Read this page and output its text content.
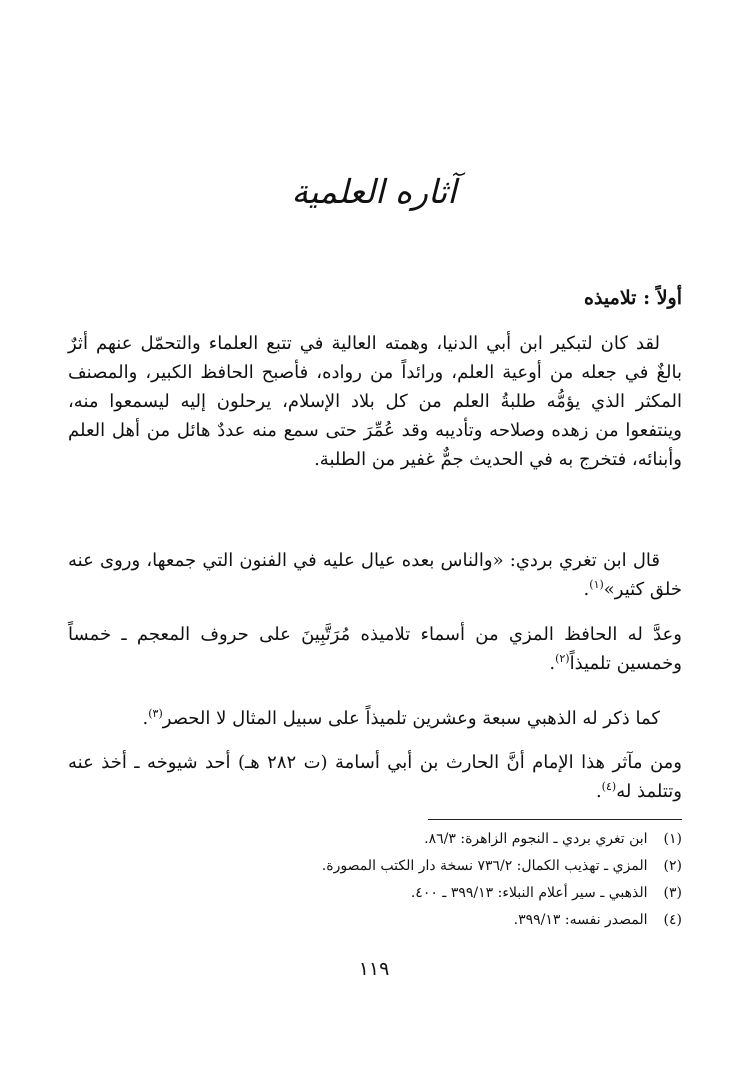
آثاره العلمية
أولاً : تلاميذه

لقد كان لتبكير ابن أبي الدنيا، وهمته العالية في تتبع العلماء والتحمّل عنهم أثرٌ بالغٌ في جعله من أوعية العلم، ورائداً من رواده، فأصبح الحافظ الكبير، والمصنف المكثر الذي يؤمُّه طلبةُ العلم من كل بلاد الإسلام، يرحلون إليه ليسمعوا منه، وينتفعوا من زهده وصلاحه وتأديبه وقد عُمِّرَ حتى سمع منه عددٌ هائل من أهل العلم وأبنائه، فتخرج به في الحديث جمٌّ غفير من الطلبة.

قال ابن تغري بردي: «والناس بعده عيال عليه في الفنون التي جمعها، وروى عنه خلق كثير»$^{(١)}$.

وعدَّ له الحافظ المزي من أسماء تلاميذه مُرَتَّبِينَ على حروف المعجم ـ خمساً وخمسين تلميذاً$^{(٢)}$.

كما ذكر له الذهبي سبعة وعشرين تلميذاً على سبيل المثال لا الحصر$^{(٣)}$.

ومن مآثر هذا الإمام أنَّ الحارث بن أبي أسامة (ت ٢٨٢ هـ) أحد شيوخه ـ أخذ عنه وتتلمذ له$^{(٤)}$.

(١) ابن تغري بردي ـ النجوم الزاهرة: ٨٦/٣.
(٢) المزي ـ تهذيب الكمال: ٧٣٦/٢ نسخة دار الكتب المصورة.
(٣) الذهبي ـ سير أعلام النبلاء: ٣٩٩/١٣ ـ ٤٠٠.
(٤) المصدر نفسه: ٣٩٩/١٣.
١١٩
